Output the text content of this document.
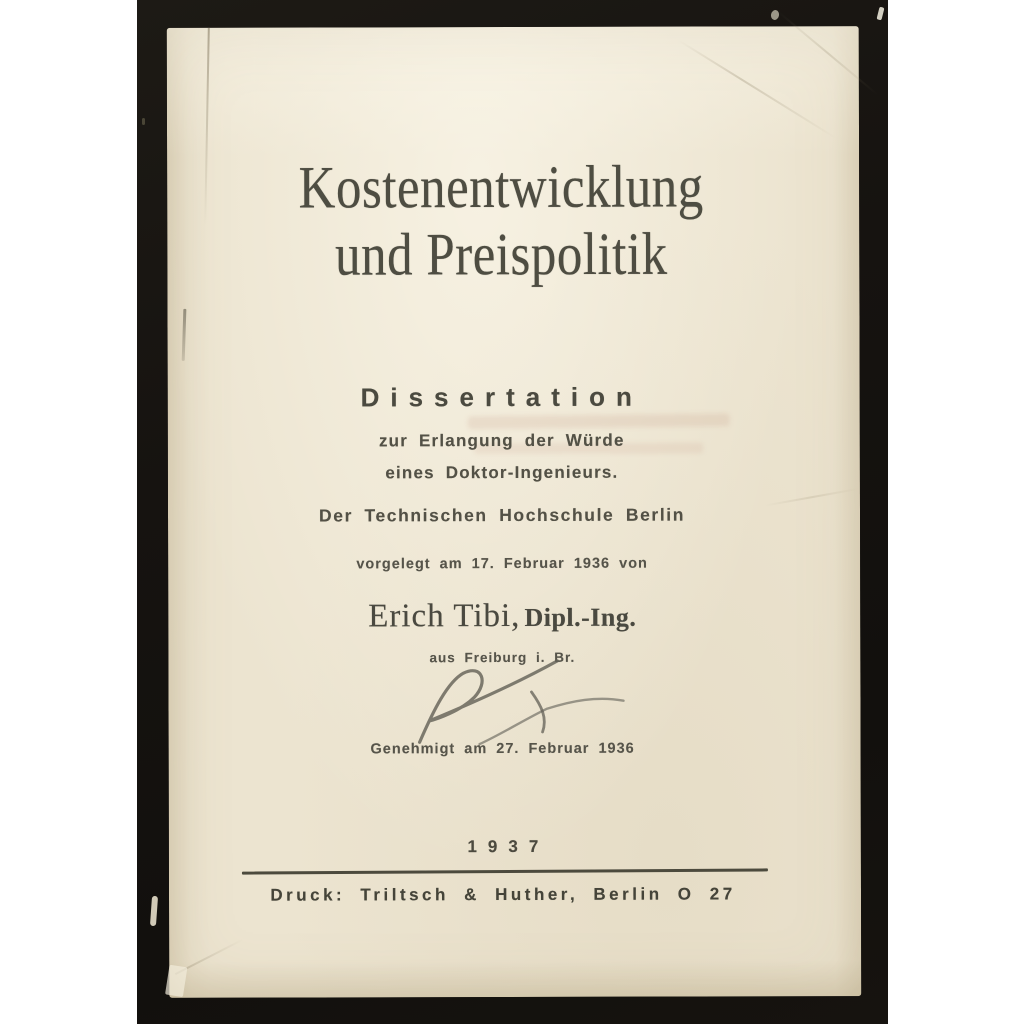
Kostenentwicklung
und Preispolitik
Dissertation
zur Erlangung der Würde
eines Doktor-Ingenieurs.
Der Technischen Hochschule Berlin
vorgelegt am 17. Februar 1936 von
Erich Tibi, Dipl.-Ing.
aus Freiburg i. Br.
Genehmigt am 27. Februar 1936
1937
Druck: Triltsch & Huther, Berlin O 27
